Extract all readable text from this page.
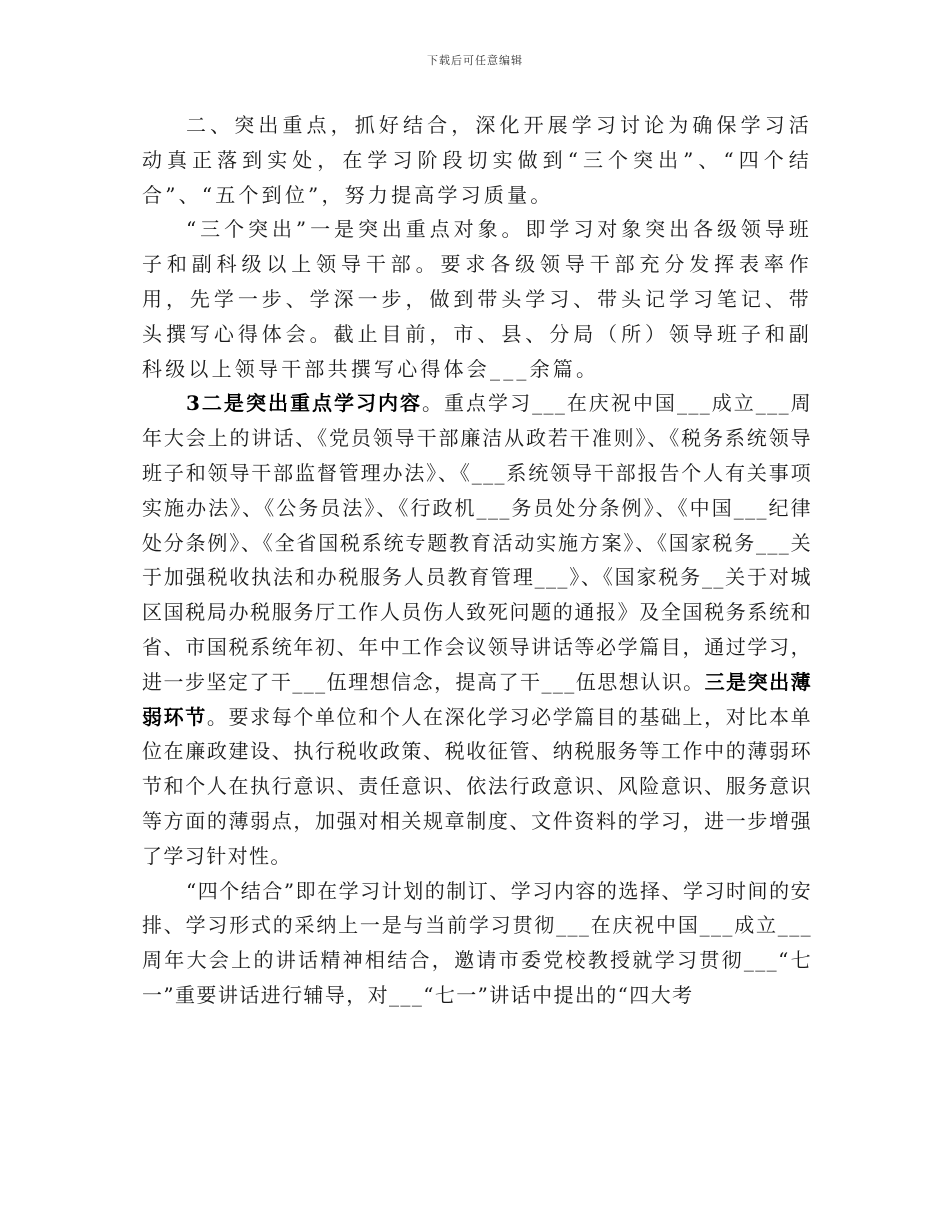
下载后可任意编辑

二、突出重点，抓好结合，深化开展学习讨论为确保学习活动真正落到实处，在学习阶段切实做到“三个突出”、“四个结合”、“五个到位”，努力提高学习质量。

“三个突出”一是突出重点对象。即学习对象突出各级领导班子和副科级以上领导干部。要求各级领导干部充分发挥表率作用，先学一步、学深一步，做到带头学习、带头记学习笔记、带头撰写心得体会。截止目前，市、县、分局（所）领导班子和副科级以上领导干部共撰写心得体会___余篇。

3二是突出重点学习内容。重点学习___在庆祝中国___成立___周年大会上的讲话、《党员领导干部廉洁从政若干准则》、《税务系统领导班子和领导干部监督管理办法》、《___系统领导干部报告个人有关事项实施办法》、《公务员法》、《行政机___务员处分条例》、《中国___纪律处分条例》、《全省国税系统专题教育活动实施方案》、《国家税务___关于加强税收执法和办税服务人员教育管理___》、《国家税务__关于对城区国税局办税服务厅工作人员伤人致死问题的通报》及全国税务系统和省、市国税系统年初、年中工作会议领导讲话等必学篇目，通过学习，进一步坚定了干___伍理想信念，提高了干___伍思想认识。三是突出薄弱环节。要求每个单位和个人在深化学习必学篇目的基础上，对比本单位在廉政建设、执行税收政策、税收征管、纳税服务等工作中的薄弱环节和个人在执行意识、责任意识、依法行政意识、风险意识、服务意识等方面的薄弱点，加强对相关规章制度、文件资料的学习，进一步增强了学习针对性。

“四个结合”即在学习计划的制订、学习内容的选择、学习时间的安排、学习形式的采纳上一是与当前学习贯彻___在庆祝中国___成立___周年大会上的讲话精神相结合，邀请市委党校教授就学习贯彻___“七一”重要讲话进行辅导，对___“七一”讲话中提出的“四大考
